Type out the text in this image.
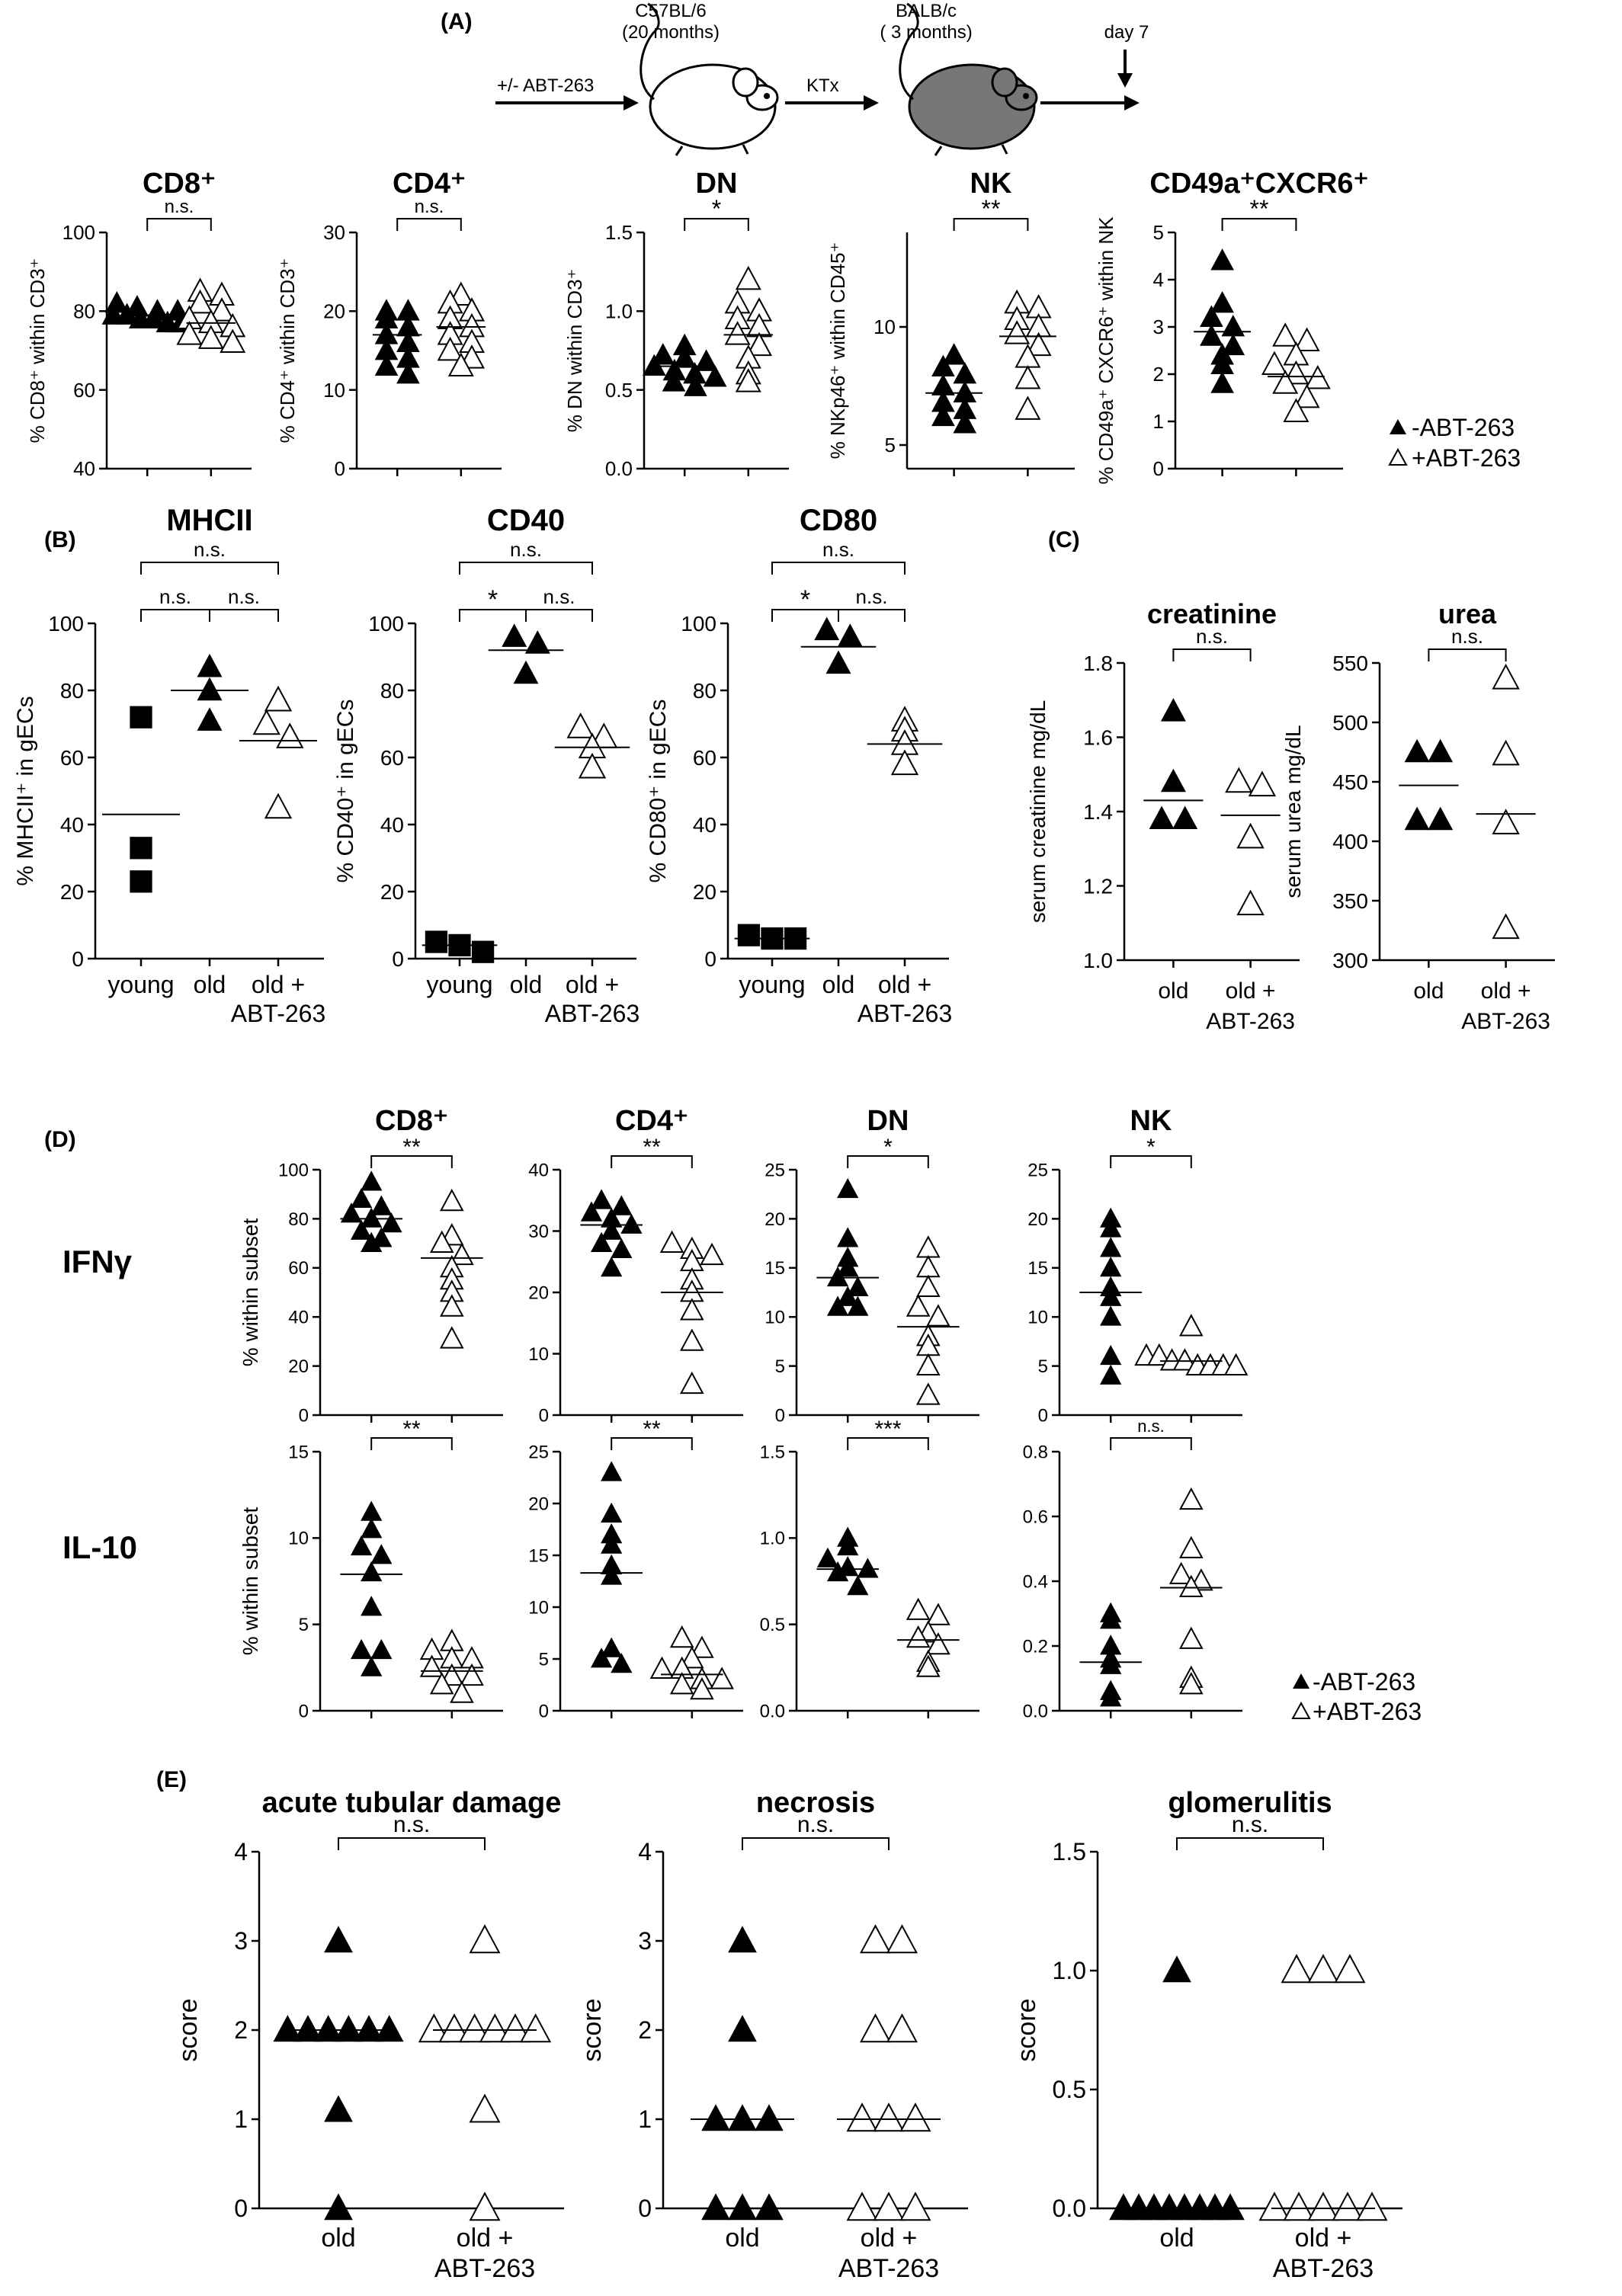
(A)
(B)	(C)
(D)
(E)
+/- ABT-263
C57BL/6
(20 months)
KTx
BALB/c
( 3 months)	day 7
-ABT-263
+ABT-263
-ABT-263
+ABT-263
IFNγ
IL-10
40
60
80
100
CD8⁺
% CD8⁺ within CD3⁺
n.s.
0
10
20
30
CD4⁺
% CD4⁺ within CD3⁺
n.s.
0.0
0.5
1.0
1.5
DN
% DN within CD3⁺
*
5
10
NK
% NKp46⁺ within CD45⁺
**
0
1
2
3
4
5
CD49a⁺CXCR6⁺
% CD49a⁺ CXCR6⁺ within NK
**
0
20
40
60
80
100
MHCII
% MHCII⁺ in gECs
young old old +
ABT-263
n.s.
n.s. n.s.
0
20
40
60
80
100
CD40
% CD40⁺ in gECs
young old old +
ABT-263
n.s.
* n.s.
0
20
40
60
80
100
CD80
% CD80⁺ in gECs
young old old +
ABT-263
n.s.
* n.s.
1.0
1.2
1.4
1.6
1.8
creatinine
serum creatinine mg/dL
old old +
ABT-263
n.s.
300
350
400
450
500
550
urea
serum urea mg/dL
old old +
ABT-263
n.s.
0
20
40
60
80
100
CD8⁺
% within subset
**
0
10
20
30
40
CD4⁺
**
0
5
10
15
20
25
DN
*
0
5
10
15
20
25
NK
*
0
5
10
15
% within subset
**
0
5
10
15
20
25
**
0.0
0.5
1.0
1.5
***
0.0
0.2
0.4
0.6
0.8
n.s.
0
1
2
3
4
acute tubular damage
score
old	old +
ABT-263
n.s.
0
1
2
3
4
necrosis
score
old	old +
ABT-263
n.s.
0.0
0.5
1.0
1.5
glomerulitis
score
old	old +
ABT-263
n.s.
